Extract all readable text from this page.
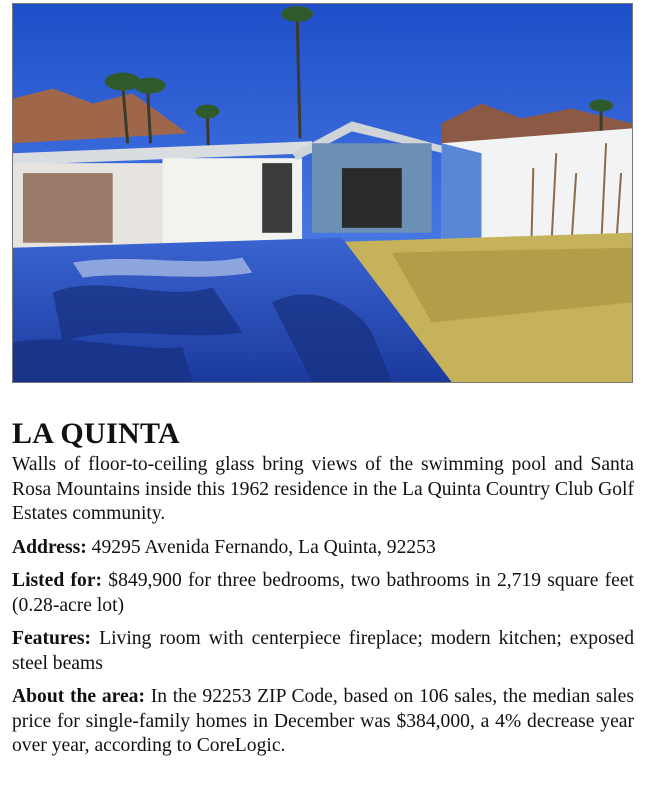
LA QUINTA

Walls of floor-to-ceiling glass bring views of the swimming pool and Santa Rosa Mountains inside this 1962 residence in the La Quinta Country Club Golf Estates community.

Address: 49295 Avenida Fernando, La Quinta, 92253

Listed for: $849,900 for three bedrooms, two bathrooms in 2,719 square feet (0.28-acre lot)

Features: Living room with centerpiece fireplace; modern kitchen; exposed steel beams

About the area: In the 92253 ZIP Code, based on 106 sales, the median sales price for single-family homes in December was $384,000, a 4% decrease year over year, according to CoreLogic.
